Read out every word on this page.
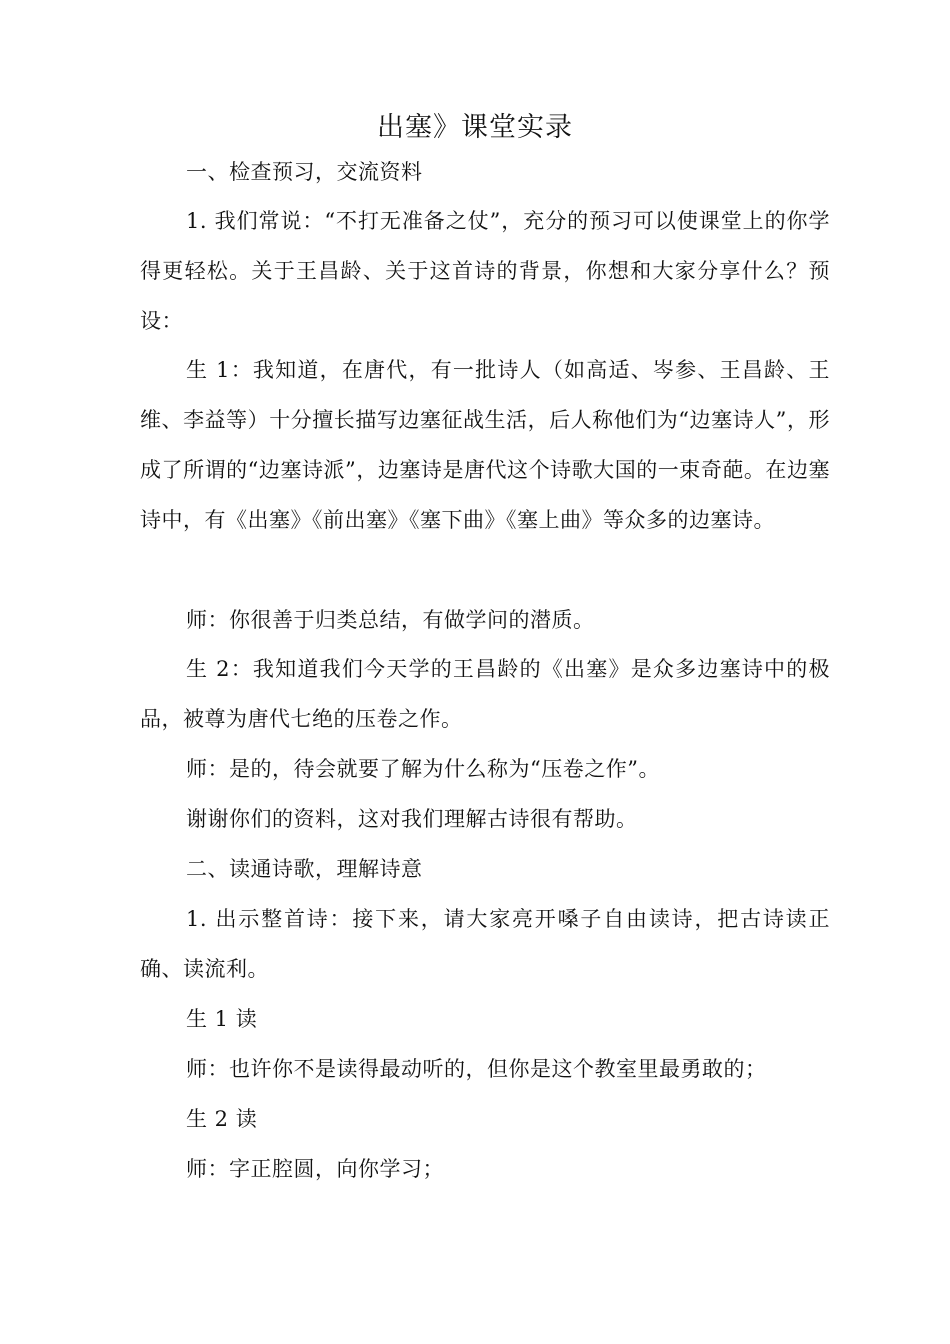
出塞》课堂实录

一、检查预习，交流资料

1. 我们常说：“不打无准备之仗”，充分的预习可以使课堂上的你学得更轻松。关于王昌龄、关于这首诗的背景，你想和大家分享什么？预设：

生 1：我知道，在唐代，有一批诗人（如高适、岑参、王昌龄、王维、李益等）十分擅长描写边塞征战生活，后人称他们为“边塞诗人”，形成了所谓的“边塞诗派”，边塞诗是唐代这个诗歌大国的一束奇葩。在边塞诗中，有《出塞》《前出塞》《塞下曲》《塞上曲》等众多的边塞诗。

师：你很善于归类总结，有做学问的潜质。

生 2：我知道我们今天学的王昌龄的《出塞》是众多边塞诗中的极品，被尊为唐代七绝的压卷之作。

师：是的，待会就要了解为什么称为“压卷之作”。

谢谢你们的资料，这对我们理解古诗很有帮助。

二、读通诗歌，理解诗意

1. 出示整首诗：接下来，请大家亮开嗓子自由读诗，把古诗读正确、读流利。

生 1 读

师：也许你不是读得最动听的，但你是这个教室里最勇敢的；

生 2 读

师：字正腔圆，向你学习；
